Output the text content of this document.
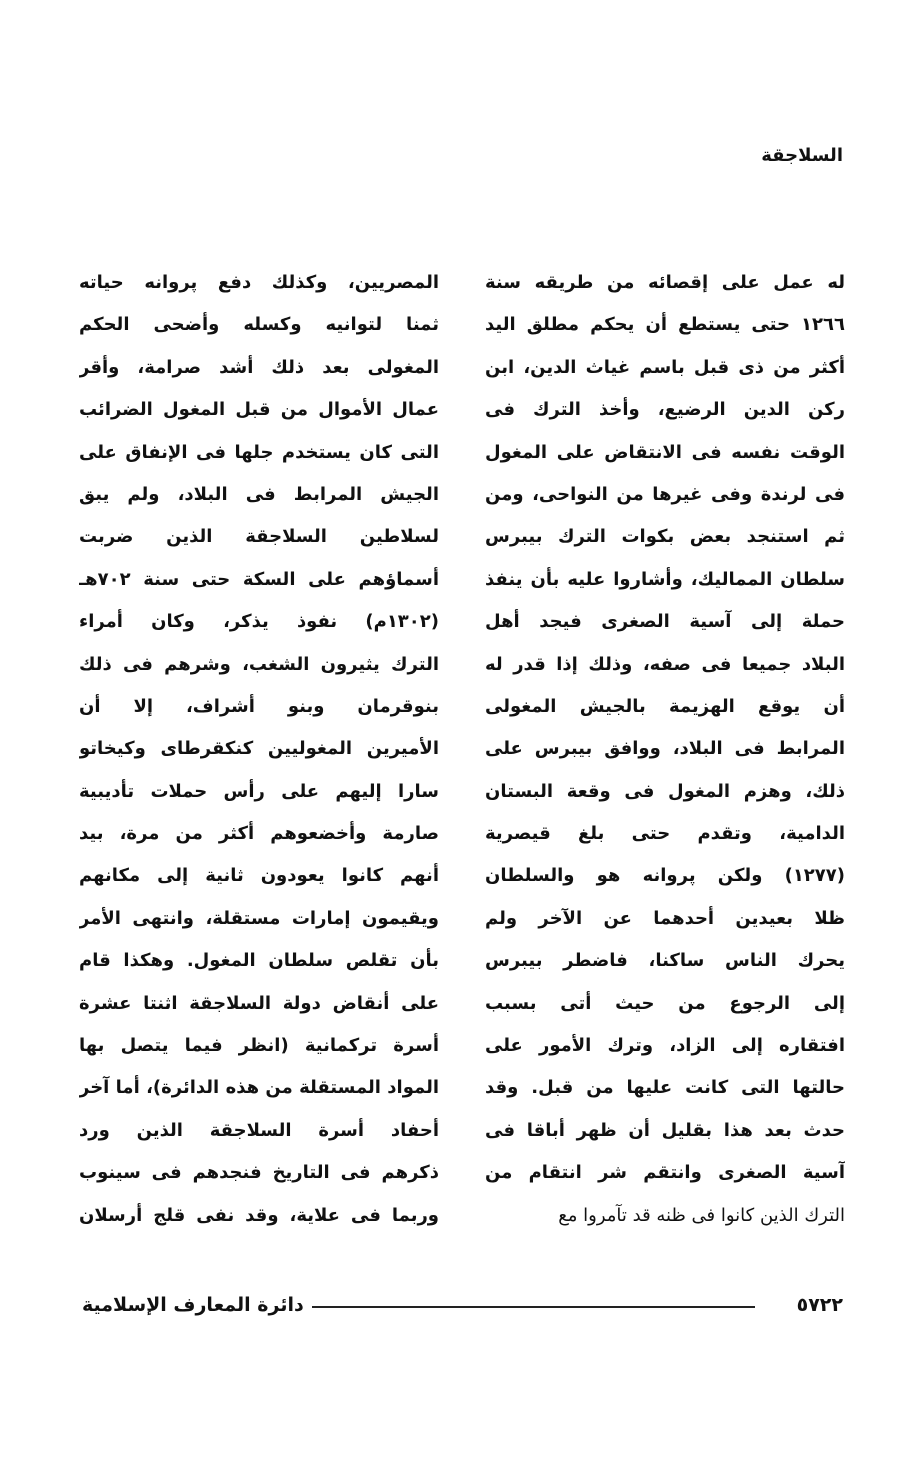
السلاجقة
له عمل على إقصائه من طريقه سنة
١٢٦٦ حتى يستطع أن يحكم مطلق اليد
أكثر من ذى قبل باسم غياث الدين، ابن
ركن الدين الرضيع، وأخذ الترك فى
الوقت نفسه فى الانتقاض على المغول
فى لرندة وفى غيرها من النواحى، ومن
ثم استنجد بعض بكوات الترك بيبرس
سلطان المماليك، وأشاروا عليه بأن ينفذ
حملة إلى آسية الصغرى فيجد أهل
البلاد جميعا فى صفه، وذلك إذا قدر له
أن يوقع الهزيمة بالجيش المغولى
المرابط فى البلاد، ووافق بيبرس على
ذلك، وهزم المغول فى وقعة البستان
الدامية، وتقدم حتى بلغ قيصرية
(١٢٧٧) ولكن پروانه هو والسلطان
ظلا بعيدين أحدهما عن الآخر ولم
يحرك الناس ساكنا، فاضطر بيبرس
إلى الرجوع من حيث أتى بسبب
افتقاره إلى الزاد، وترك الأمور على
حالتها التى كانت عليها من قبل. وقد
حدث بعد هذا بقليل أن ظهر أباقا فى
آسية الصغرى وانتقم شر انتقام من
الترك الذين كانوا فى ظنه قد تآمروا مع
المصريين، وكذلك دفع پروانه حياته
ثمنا لتوانيه وكسله وأضحى الحكم
المغولى بعد ذلك أشد صرامة، وأقر
عمال الأموال من قبل المغول الضرائب
التى كان يستخدم جلها فى الإنفاق على
الجيش المرابط فى البلاد، ولم يبق
لسلاطين السلاجقة الذين ضربت
أسماؤهم على السكة حتى سنة ٧٠٢هـ
(١٣٠٢م) نفوذ يذكر، وكان أمراء
الترك يثيرون الشغب، وشرهم فى ذلك
بنوقرمان وبنو أشراف، إلا أن
الأميرين المغوليين كنكقرطاى وكيخاتو
سارا إليهم على رأس حملات تأديبية
صارمة وأخضعوهم أكثر من مرة، بيد
أنهم كانوا يعودون ثانية إلى مكانهم
ويقيمون إمارات مستقلة، وانتهى الأمر
بأن تقلص سلطان المغول. وهكذا قام
على أنقاض دولة السلاجقة اثنتا عشرة
أسرة تركمانية (انظر فيما يتصل بها
المواد المستقلة من هذه الدائرة)، أما آخر
أحفاد أسرة السلاجقة الذين ورد
ذكرهم فى التاريخ فنجدهم فى سينوب
وربما فى علاية، وقد نفى قلج أرسلان
٥٧٢٢
دائرة المعارف الإسلامية
